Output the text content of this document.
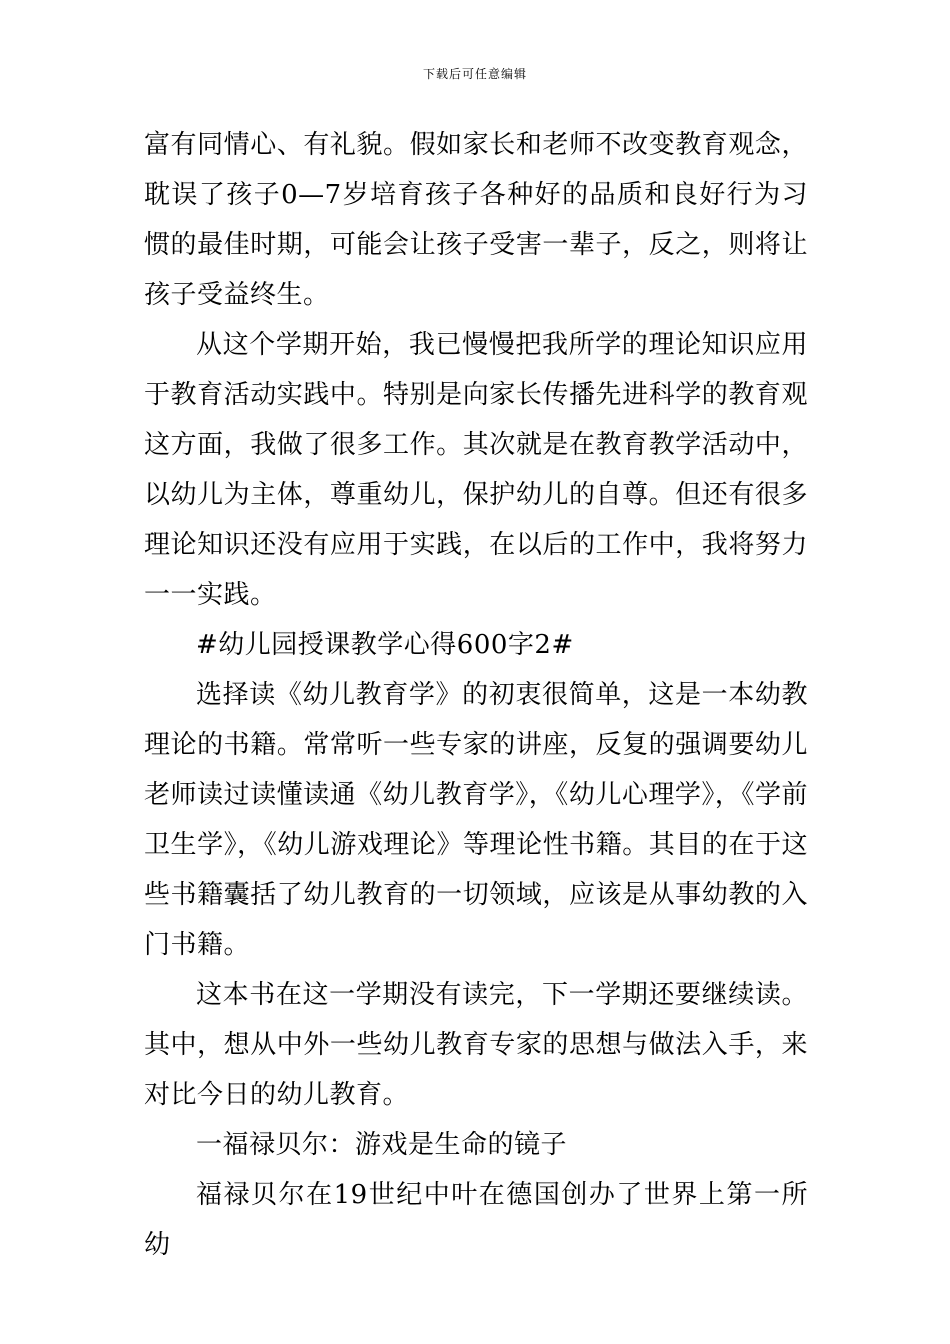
下载后可任意编辑

富有同情心、有礼貌。假如家长和老师不改变教育观念，耽误了孩子0—7岁培育孩子各种好的品质和良好行为习惯的最佳时期，可能会让孩子受害一辈子，反之，则将让孩子受益终生。

从这个学期开始，我已慢慢把我所学的理论知识应用于教育活动实践中。特别是向家长传播先进科学的教育观这方面，我做了很多工作。其次就是在教育教学活动中，以幼儿为主体，尊重幼儿，保护幼儿的自尊。但还有很多理论知识还没有应用于实践，在以后的工作中，我将努力一一实践。

#幼儿园授课教学心得600字2#

选择读《幼儿教育学》的初衷很简单，这是一本幼教理论的书籍。常常听一些专家的讲座，反复的强调要幼儿老师读过读懂读通《幼儿教育学》，《幼儿心理学》，《学前卫生学》，《幼儿游戏理论》等理论性书籍。其目的在于这些书籍囊括了幼儿教育的一切领域，应该是从事幼教的入门书籍。

这本书在这一学期没有读完，下一学期还要继续读。其中，想从中外一些幼儿教育专家的思想与做法入手，来对比今日的幼儿教育。

一福禄贝尔：游戏是生命的镜子

福禄贝尔在19世纪中叶在德国创办了世界上第一所幼
